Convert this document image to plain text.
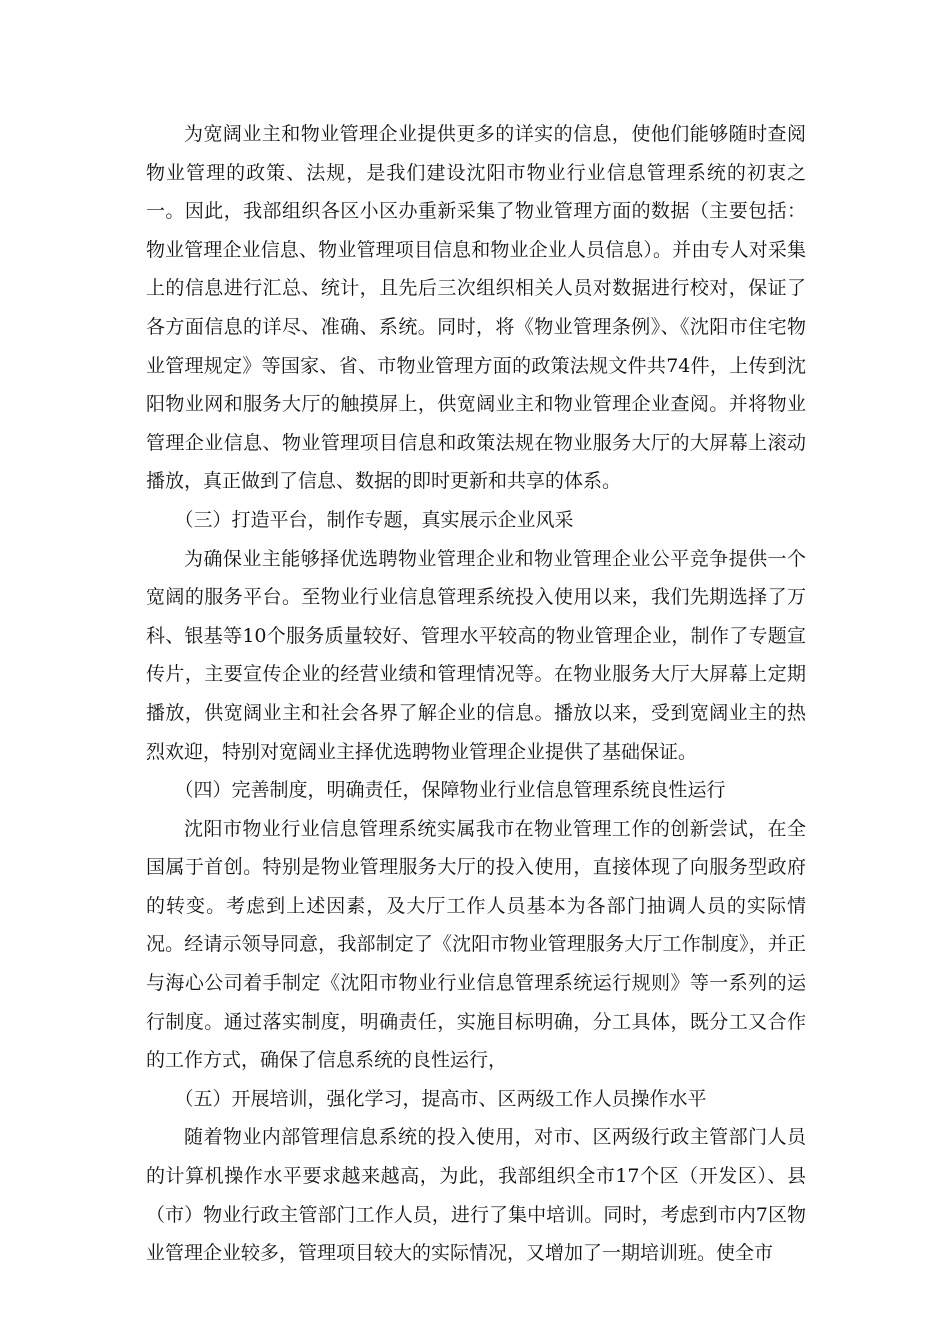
为宽阔业主和物业管理企业提供更多的详实的信息，使他们能够随时查阅物业管理的政策、法规，是我们建设沈阳市物业行业信息管理系统的初衷之一。因此，我部组织各区小区办重新采集了物业管理方面的数据（主要包括：物业管理企业信息、物业管理项目信息和物业企业人员信息）。并由专人对采集上的信息进行汇总、统计，且先后三次组织相关人员对数据进行校对，保证了各方面信息的详尽、准确、系统。同时，将《物业管理条例》、《沈阳市住宅物业管理规定》等国家、省、市物业管理方面的政策法规文件共74件，上传到沈阳物业网和服务大厅的触摸屏上，供宽阔业主和物业管理企业查阅。并将物业管理企业信息、物业管理项目信息和政策法规在物业服务大厅的大屏幕上滚动播放，真正做到了信息、数据的即时更新和共享的体系。

（三）打造平台，制作专题，真实展示企业风采

为确保业主能够择优选聘物业管理企业和物业管理企业公平竞争提供一个宽阔的服务平台。至物业行业信息管理系统投入使用以来，我们先期选择了万科、银基等10个服务质量较好、管理水平较高的物业管理企业，制作了专题宣传片，主要宣传企业的经营业绩和管理情况等。在物业服务大厅大屏幕上定期播放，供宽阔业主和社会各界了解企业的信息。播放以来，受到宽阔业主的热烈欢迎，特别对宽阔业主择优选聘物业管理企业提供了基础保证。

（四）完善制度，明确责任，保障物业行业信息管理系统良性运行

沈阳市物业行业信息管理系统实属我市在物业管理工作的创新尝试，在全国属于首创。特别是物业管理服务大厅的投入使用，直接体现了向服务型政府的转变。考虑到上述因素，及大厅工作人员基本为各部门抽调人员的实际情况。经请示领导同意，我部制定了《沈阳市物业管理服务大厅工作制度》，并正与海心公司着手制定《沈阳市物业行业信息管理系统运行规则》等一系列的运行制度。通过落实制度，明确责任，实施目标明确，分工具体，既分工又合作的工作方式，确保了信息系统的良性运行，

（五）开展培训，强化学习，提高市、区两级工作人员操作水平

随着物业内部管理信息系统的投入使用，对市、区两级行政主管部门人员的计算机操作水平要求越来越高，为此，我部组织全市17个区（开发区）、县（市）物业行政主管部门工作人员，进行了集中培训。同时，考虑到市内7区物业管理企业较多，管理项目较大的实际情况，又增加了一期培训班。使全市
